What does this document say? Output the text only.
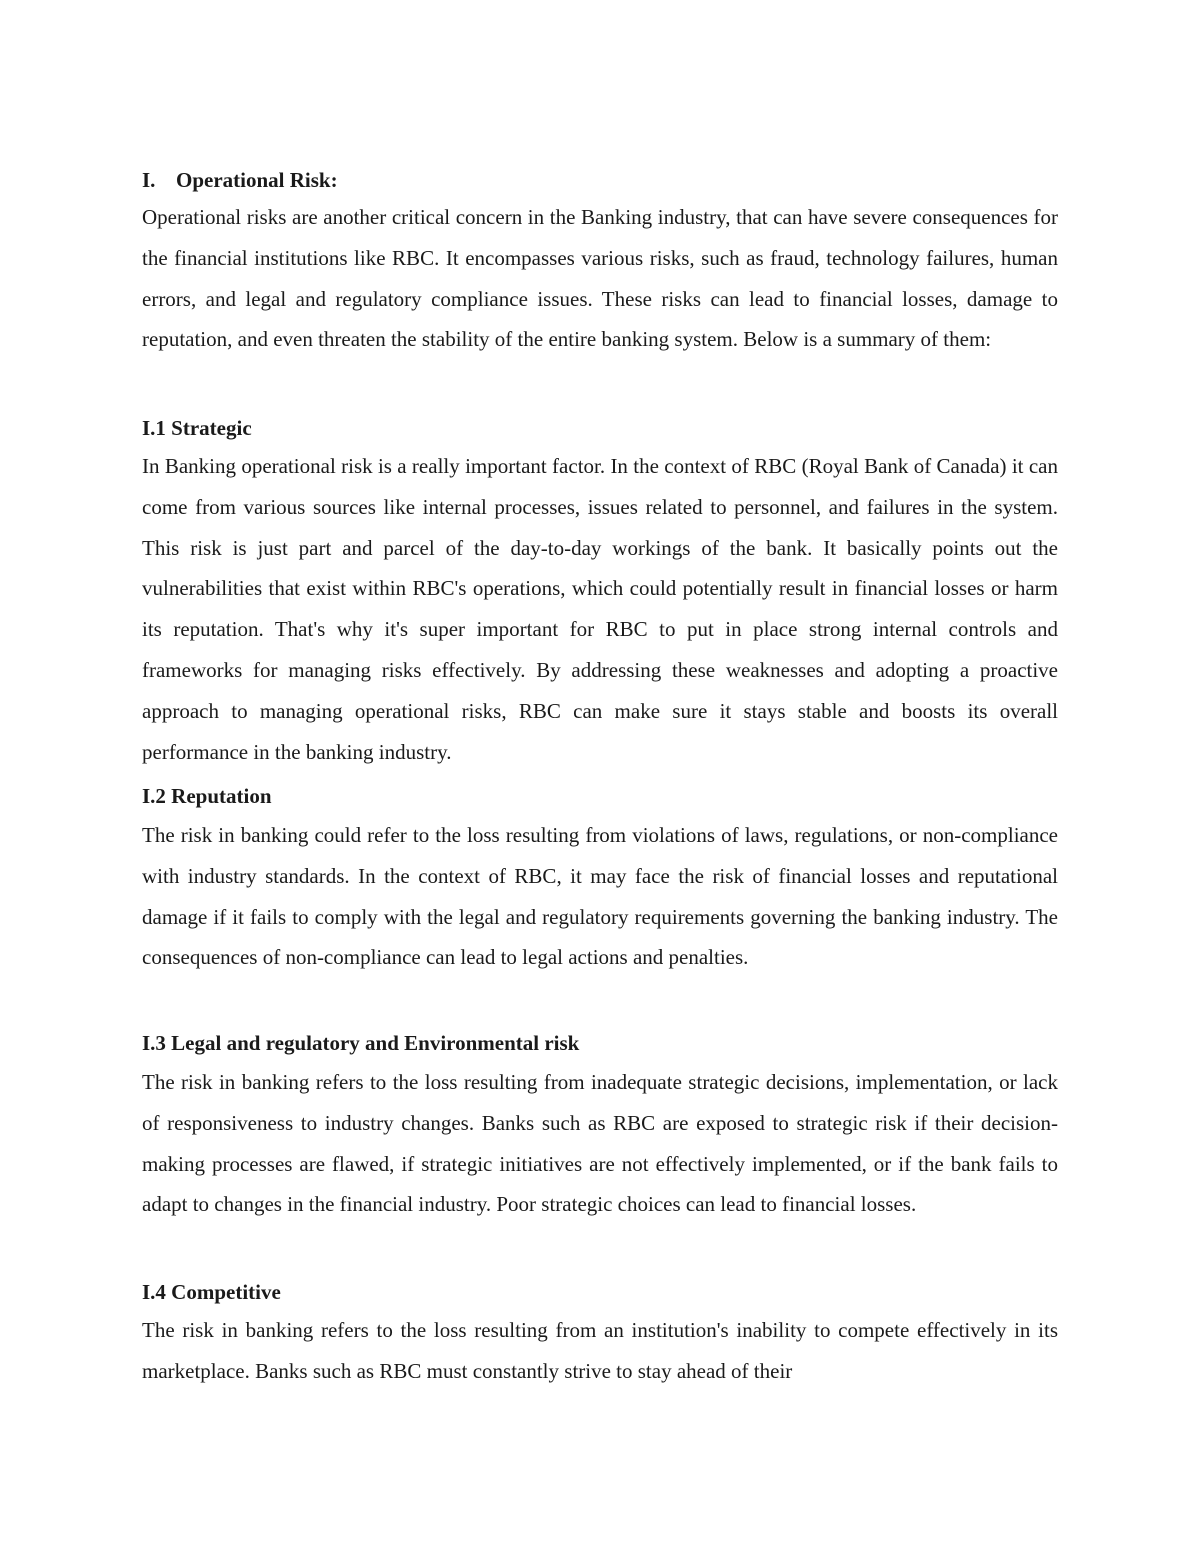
I. Operational Risk:

Operational risks are another critical concern in the Banking industry, that can have severe consequences for the financial institutions like RBC. It encompasses various risks, such as fraud, technology failures, human errors, and legal and regulatory compliance issues. These risks can lead to financial losses, damage to reputation, and even threaten the stability of the entire banking system. Below is a summary of them:

I.1 Strategic

In Banking operational risk is a really important factor. In the context of RBC (Royal Bank of Canada) it can come from various sources like internal processes, issues related to personnel, and failures in the system. This risk is just part and parcel of the day-to-day workings of the bank. It basically points out the vulnerabilities that exist within RBC's operations, which could potentially result in financial losses or harm its reputation. That's why it's super important for RBC to put in place strong internal controls and frameworks for managing risks effectively. By addressing these weaknesses and adopting a proactive approach to managing operational risks, RBC can make sure it stays stable and boosts its overall performance in the banking industry.

I.2 Reputation

The risk in banking could refer to the loss resulting from violations of laws, regulations, or non-compliance with industry standards. In the context of RBC, it may face the risk of financial losses and reputational damage if it fails to comply with the legal and regulatory requirements governing the banking industry. The consequences of non-compliance can lead to legal actions and penalties.

I.3 Legal and regulatory and Environmental risk

The risk in banking refers to the loss resulting from inadequate strategic decisions, implementation, or lack of responsiveness to industry changes. Banks such as RBC are exposed to strategic risk if their decision-making processes are flawed, if strategic initiatives are not effectively implemented, or if the bank fails to adapt to changes in the financial industry. Poor strategic choices can lead to financial losses.

I.4 Competitive

The risk in banking refers to the loss resulting from an institution's inability to compete effectively in its marketplace. Banks such as RBC must constantly strive to stay ahead of their
